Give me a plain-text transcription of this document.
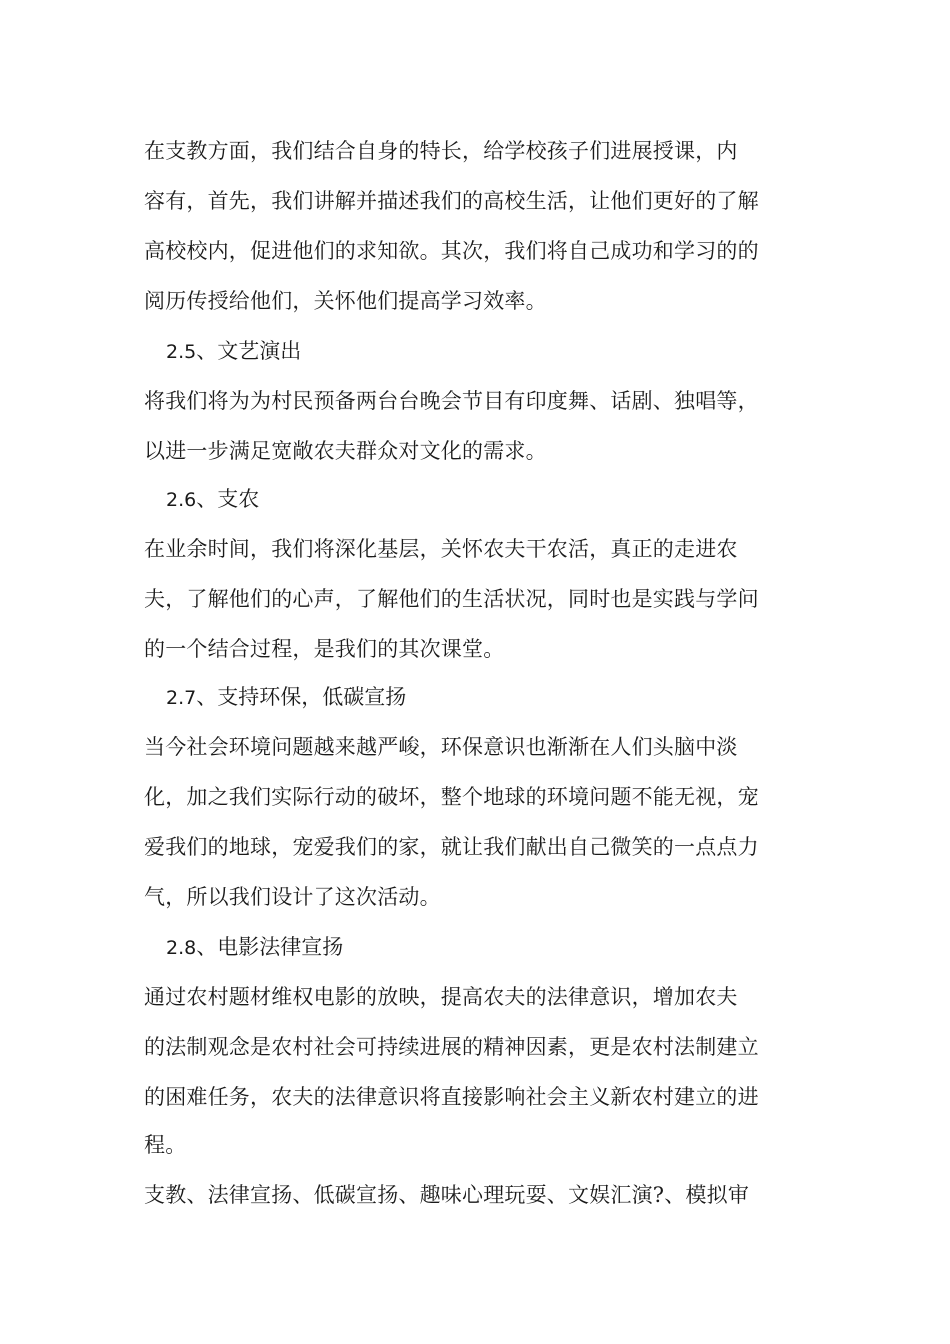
在支教方面，我们结合自身的特长，给学校孩子们进展授课，内
容有，首先，我们讲解并描述我们的高校生活，让他们更好的了解
高校校内，促进他们的求知欲。其次，我们将自己成功和学习的的
阅历传授给他们，关怀他们提高学习效率。
2.5、文艺演出
将我们将为为村民预备两台台晚会节目有印度舞、话剧、独唱等，
以进一步满足宽敞农夫群众对文化的需求。
2.6、支农
在业余时间，我们将深化基层，关怀农夫干农活，真正的走进农
夫，了解他们的心声，了解他们的生活状况，同时也是实践与学问
的一个结合过程，是我们的其次课堂。
2.7、支持环保，低碳宣扬
当今社会环境问题越来越严峻，环保意识也渐渐在人们头脑中淡
化，加之我们实际行动的破坏，整个地球的环境问题不能无视，宠
爱我们的地球，宠爱我们的家，就让我们献出自己微笑的一点点力
气，所以我们设计了这次活动。
2.8、电影法律宣扬
通过农村题材维权电影的放映，提高农夫的法律意识，增加农夫
的法制观念是农村社会可持续进展的精神因素，更是农村法制建立
的困难任务，农夫的法律意识将直接影响社会主义新农村建立的进
程。
支教、法律宣扬、低碳宣扬、趣味心理玩耍、文娱汇演?、模拟审
